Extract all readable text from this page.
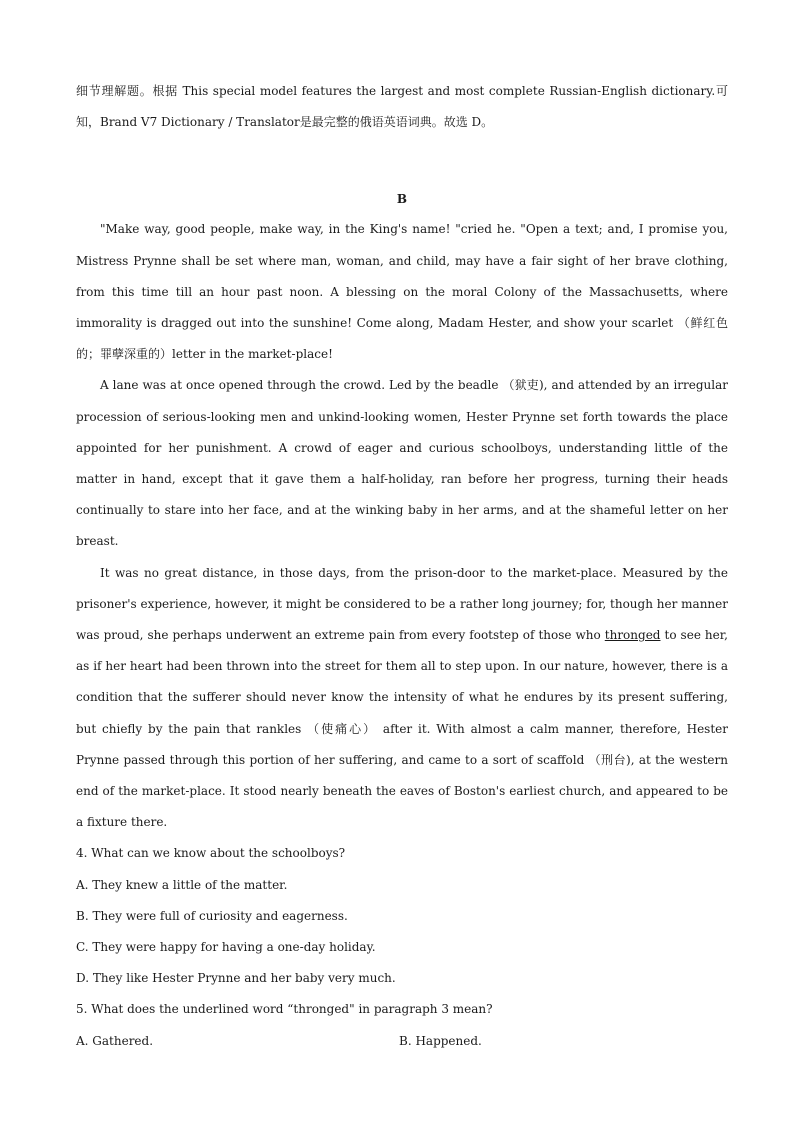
细节理解题。根据 This special model features the largest and most complete Russian-English dictionary.可知，Brand V7 Dictionary / Translator是最完整的俄语英语词典。故选 D。

B

"Make way, good people, make way, in the King's name! "cried he. "Open a text; and, I promise you, Mistress Prynne shall be set where man, woman, and child, may have a fair sight of her brave clothing, from this time till an hour past noon. A blessing on the moral Colony of the Massachusetts, where immorality is dragged out into the sunshine! Come along, Madam Hester, and show your scarlet （鲜红色的；罪孽深重的）letter in the market-place!

A lane was at once opened through the crowd. Led by the beadle （狱吏), and attended by an irregular procession of serious-looking men and unkind-looking women, Hester Prynne set forth towards the place appointed for her punishment. A crowd of eager and curious schoolboys, understanding little of the matter in hand, except that it gave them a half-holiday, ran before her progress, turning their heads continually to stare into her face, and at the winking baby in her arms, and at the shameful letter on her breast.

It was no great distance, in those days, from the prison-door to the market-place. Measured by the prisoner's experience, however, it might be considered to be a rather long journey; for, though her manner was proud, she perhaps underwent an extreme pain from every footstep of those who thronged to see her, as if her heart had been thrown into the street for them all to step upon. In our nature, however, there is a condition that the sufferer should never know the intensity of what he endures by its present suffering, but chiefly by the pain that rankles （使痛心） after it. With almost a calm manner, therefore, Hester Prynne passed through this portion of her suffering, and came to a sort of scaffold （刑台), at the western end of the market-place. It stood nearly beneath the eaves of Boston's earliest church, and appeared to be a fixture there.

4. What can we know about the schoolboys?

A. They knew a little of the matter.

B. They were full of curiosity and eagerness.

C. They were happy for having a one-day holiday.

D. They like Hester Prynne and her baby very much.

5. What does the underlined word “thronged" in paragraph 3 mean?

A. Gathered.	B. Happened.
